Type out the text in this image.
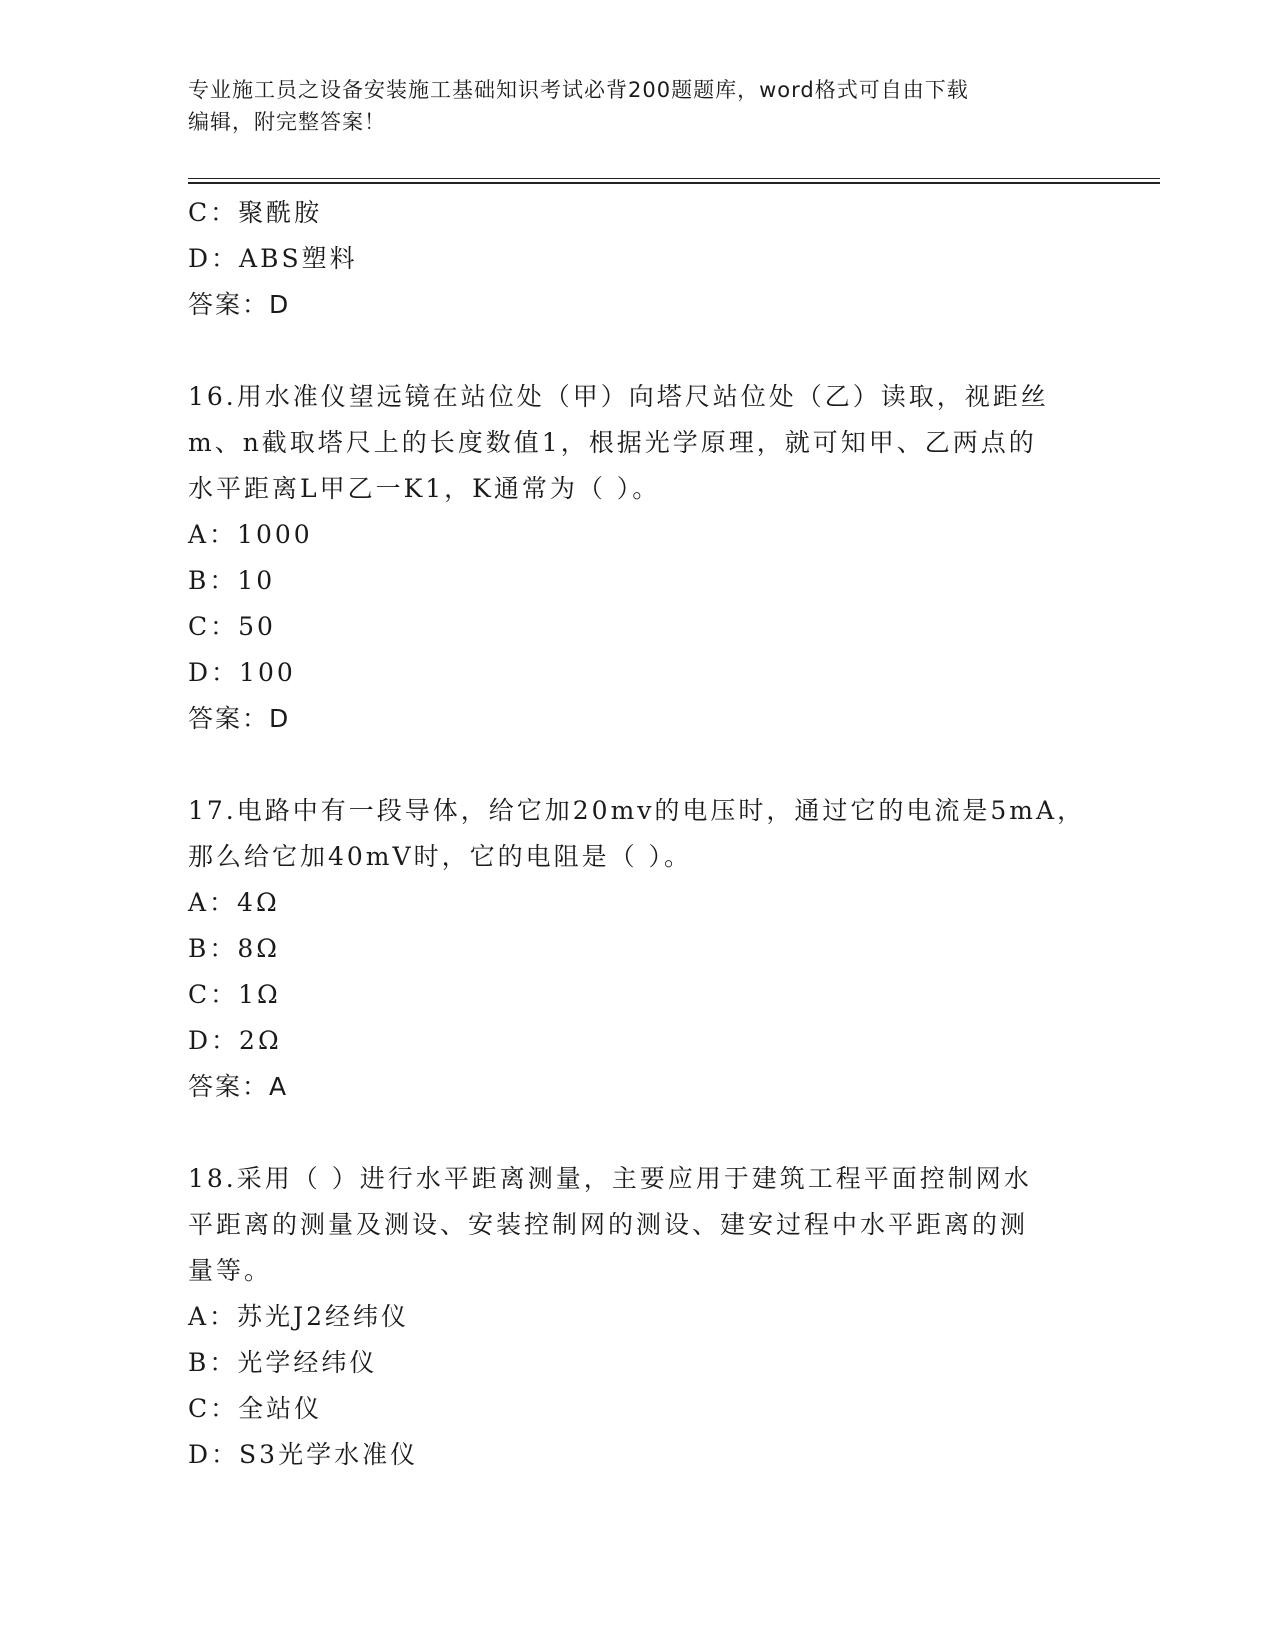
专业施工员之设备安装施工基础知识考试必背200题题库，word格式可自由下载
编辑，附完整答案！
C：聚酰胺
D：ABS塑料
答案：D
16.用水准仪望远镜在站位处（甲）向塔尺站位处（乙）读取，视距丝
m、n截取塔尺上的长度数值1，根据光学原理，就可知甲、乙两点的
水平距离L甲乙一K1，K通常为（ ）。
A：1000
B：10
C：50
D：100
答案：D
17.电路中有一段导体，给它加20mv的电压时，通过它的电流是5mA，
那么给它加40mV时，它的电阻是（ ）。
A：4Ω
B：8Ω
C：1Ω
D：2Ω
答案：A
18.采用（ ）进行水平距离测量，主要应用于建筑工程平面控制网水
平距离的测量及测设、安装控制网的测设、建安过程中水平距离的测
量等。
A：苏光J2经纬仪
B：光学经纬仪
C：全站仪
D：S3光学水准仪
